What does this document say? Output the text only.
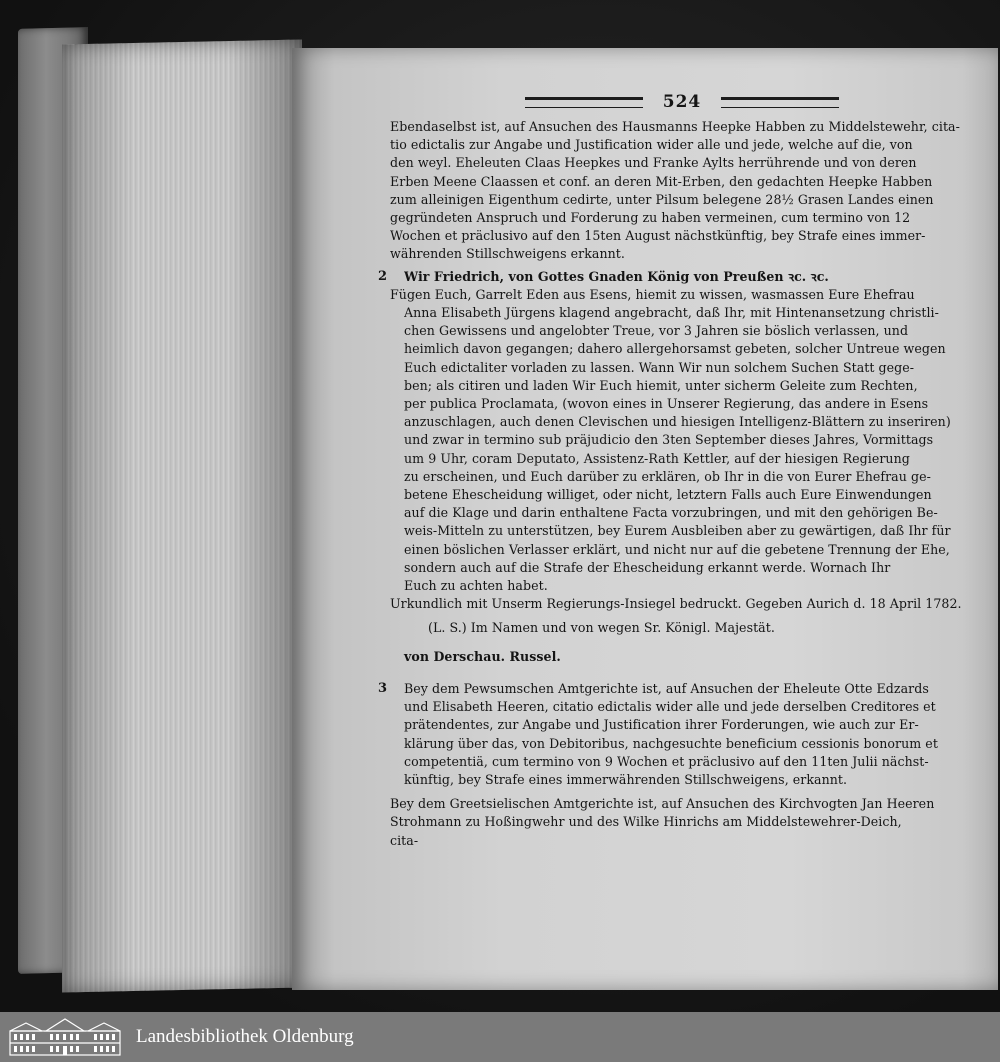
524
Ebendaselbst ist, auf Ansuchen des Hausmanns Heepke Habben zu Middelstewehr, cita-
tio edictalis zur Angabe und Justification wider alle und jede, welche auf die, von
den weyl. Eheleuten Claas Heepkes und Franke Aylts herrührende und von deren
Erben Meene Claassen et conf. an deren Mit-Erben, den gedachten Heepke Habben
zum alleinigen Eigenthum cedirte, unter Pilsum belegene 28½ Grasen Landes einen
gegründeten Anspruch und Forderung zu haben vermeinen, cum termino von 12
Wochen et präclusivo auf den 15ten August nächstkünftig, bey Strafe eines immer-
währenden Stillschweigens erkannt.
2 Wir Friedrich, von Gottes Gnaden König von Preußen ꝛc. ꝛc.
Fügen Euch, Garrelt Eden aus Esens, hiemit zu wissen, wasmassen Eure Ehefrau
Anna Elisabeth Jürgens klagend angebracht, daß Ihr, mit Hintenansetzung christli-
chen Gewissens und angelobter Treue, vor 3 Jahren sie böslich verlassen, und
heimlich davon gegangen; dahero allergehorsamst gebeten, solcher Untreue wegen
Euch edictaliter vorladen zu lassen. Wann Wir nun solchem Suchen Statt gege-
ben; als citiren und laden Wir Euch hiemit, unter sicherm Geleite zum Rechten,
per publica Proclamata, (wovon eines in Unserer Regierung, das andere in Esens
anzuschlagen, auch denen Clevischen und hiesigen Intelligenz-Blättern zu inseriren)
und zwar in termino sub präjudicio den 3ten September dieses Jahres, Vormittags
um 9 Uhr, coram Deputato, Assistenz-Rath Kettler, auf der hiesigen Regierung
zu erscheinen, und Euch darüber zu erklären, ob Ihr in die von Eurer Ehefrau ge-
betene Ehescheidung williget, oder nicht, letztern Falls auch Eure Einwendungen
auf die Klage und darin enthaltene Facta vorzubringen, und mit den gehörigen Be-
weis-Mitteln zu unterstützen, bey Eurem Ausbleiben aber zu gewärtigen, daß Ihr für
einen böslichen Verlasser erklärt, und nicht nur auf die gebetene Trennung der Ehe,
sondern auch auf die Strafe der Ehescheidung erkannt werde. Wornach Ihr
Euch zu achten habet.
Urkundlich mit Unserm Regierungs-Insiegel bedruckt. Gegeben Aurich d. 18 April 1782.
(L. S.) Im Namen und von wegen Sr. Königl. Majestät.
von Derschau. Russel.
3 Bey dem Pewsumschen Amtgerichte ist, auf Ansuchen der Eheleute Otte Edzards
und Elisabeth Heeren, citatio edictalis wider alle und jede derselben Creditores et
prätendentes, zur Angabe und Justification ihrer Forderungen, wie auch zur Er-
klärung über das, von Debitoribus, nachgesuchte beneficium cessionis bonorum et
competentiä, cum termino von 9 Wochen et präclusivo auf den 11ten Julii nächst-
künftig, bey Strafe eines immerwährenden Stillschweigens, erkannt.
Bey dem Greetsielischen Amtgerichte ist, auf Ansuchen des Kirchvogten Jan Heeren
Strohmann zu Hoßingwehr und des Wilke Hinrichs am Middelstewehrer-Deich,
cita-
Landesbibliothek Oldenburg
